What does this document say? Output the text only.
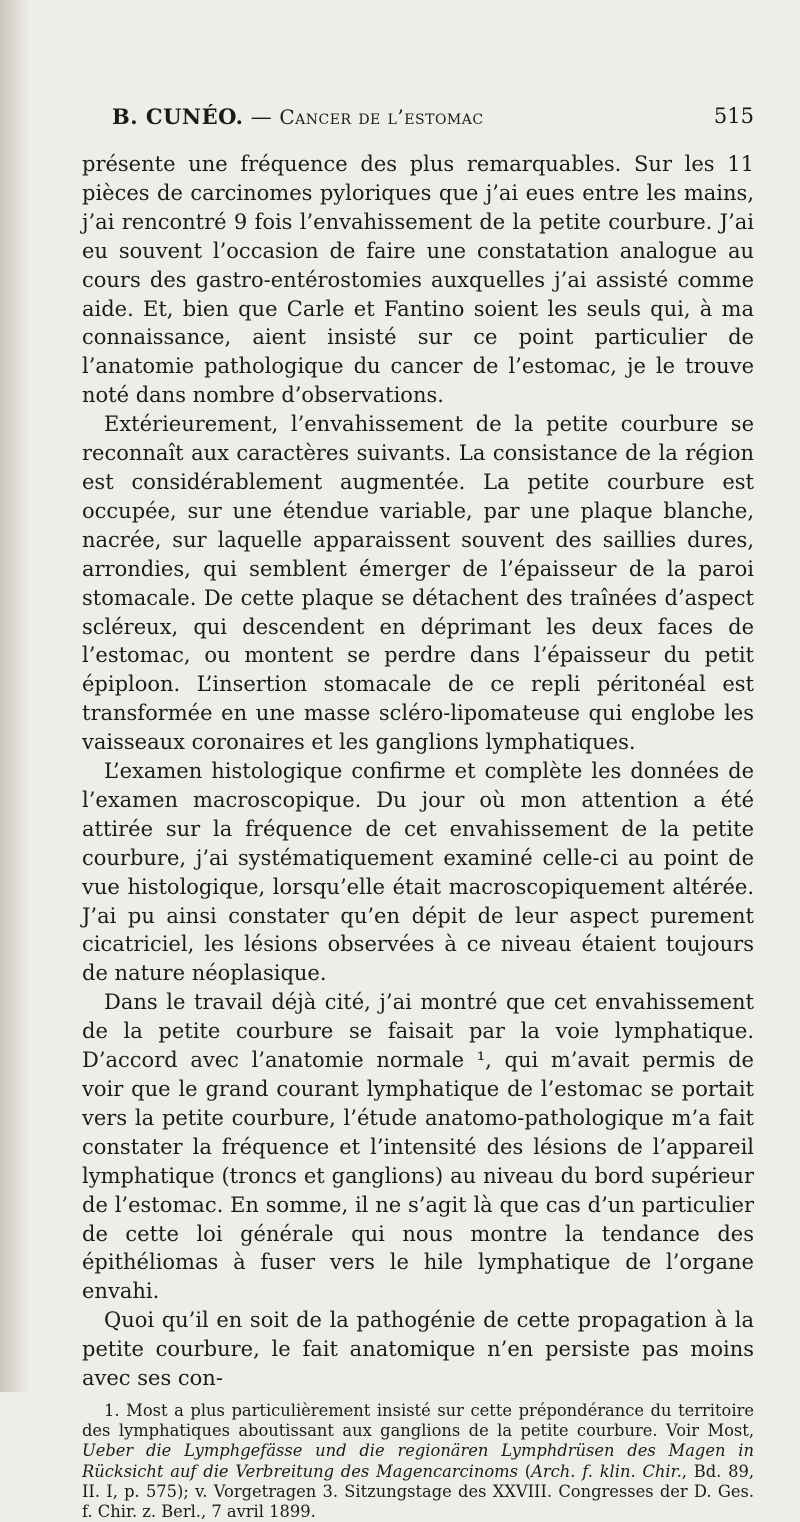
B. CUNÉO. — Cancer de l’estomac	515

présente une fréquence des plus remarquables. Sur les 11 pièces de carcinomes pyloriques que j’ai eues entre les mains, j’ai rencontré 9 fois l’envahissement de la petite courbure. J’ai eu souvent l’occasion de faire une constatation analogue au cours des gastro-entérostomies auxquelles j’ai assisté comme aide. Et, bien que Carle et Fantino soient les seuls qui, à ma connaissance, aient insisté sur ce point particulier de l’anatomie pathologique du cancer de l’estomac, je le trouve noté dans nombre d’observations.

Extérieurement, l’envahissement de la petite courbure se reconnaît aux caractères suivants. La consistance de la région est considérablement augmentée. La petite courbure est occupée, sur une étendue variable, par une plaque blanche, nacrée, sur laquelle apparaissent souvent des saillies dures, arrondies, qui semblent émerger de l’épaisseur de la paroi stomacale. De cette plaque se détachent des traînées d’aspect scléreux, qui descendent en déprimant les deux faces de l’estomac, ou montent se perdre dans l’épaisseur du petit épiploon. L’insertion stomacale de ce repli péritonéal est transformée en une masse scléro-lipomateuse qui englobe les vaisseaux coronaires et les ganglions lymphatiques.

L’examen histologique confirme et complète les données de l’examen macroscopique. Du jour où mon attention a été attirée sur la fréquence de cet envahissement de la petite courbure, j’ai systématiquement examiné celle-ci au point de vue histologique, lorsqu’elle était macroscopiquement altérée. J’ai pu ainsi constater qu’en dépit de leur aspect purement cicatriciel, les lésions observées à ce niveau étaient toujours de nature néoplasique.

Dans le travail déjà cité, j’ai montré que cet envahissement de la petite courbure se faisait par la voie lymphatique. D’accord avec l’anatomie normale ¹, qui m’avait permis de voir que le grand courant lymphatique de l’estomac se portait vers la petite courbure, l’étude anatomo-pathologique m’a fait constater la fréquence et l’intensité des lésions de l’appareil lymphatique (troncs et ganglions) au niveau du bord supérieur de l’estomac. En somme, il ne s’agit là que cas d’un particulier de cette loi générale qui nous montre la tendance des épithéliomas à fuser vers le hile lymphatique de l’organe envahi.

Quoi qu’il en soit de la pathogénie de cette propagation à la petite courbure, le fait anatomique n’en persiste pas moins avec ses con-

1. Most a plus particulièrement insisté sur cette prépondérance du territoire des lymphatiques aboutissant aux ganglions de la petite courbure. Voir Most, Ueber die Lymphgefässe und die regionären Lymphdrüsen des Magen in Rücksicht auf die Verbreitung des Magencarcinoms (Arch. f. klin. Chir., Bd. 89, II. I, p. 575); v. Vorgetragen 3. Sitzungstage des XXVIII. Congresses der D. Ges. f. Chir. z. Berl., 7 avril 1899.
